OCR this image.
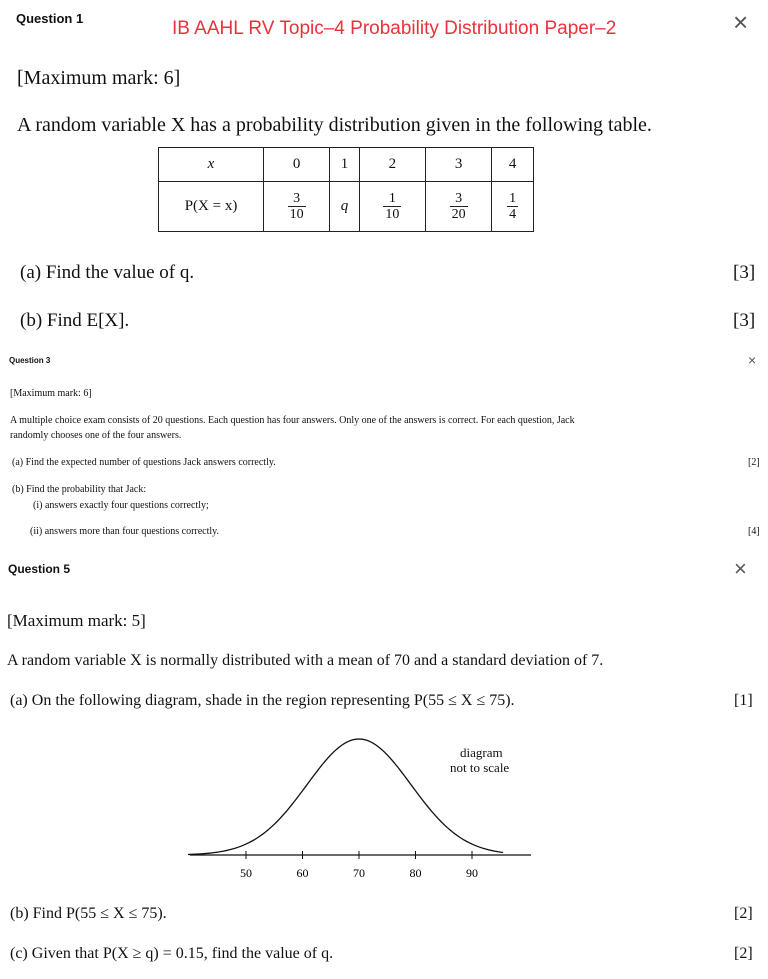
Question 1	IB AAHL RV Topic–4 Probability Distribution Paper–2	×
[Maximum mark: 6]
A random variable X has a probability distribution given in the following table.
x	0	1	2	3	4
P(X = x)	$\frac{3}{10}$	q	$\frac{1}{10}$	$\frac{3}{20}$	$\frac{1}{4}$
(a) Find the value of q.	[3]
(b) Find E[X].	[3]
Question 3	×
[Maximum mark: 6]
A multiple choice exam consists of 20 questions. Each question has four answers. Only one of the answers is correct. For each question, Jack
randomly chooses one of the four answers.
(a) Find the expected number of questions Jack answers correctly.	[2]
(b) Find the probability that Jack:
(i) answers exactly four questions correctly;
(ii) answers more than four questions correctly.	[4]
Question 5	×
[Maximum mark: 5]
A random variable X is normally distributed with a mean of 70 and a standard deviation of 7.
(a) On the following diagram, shade in the region representing P(55 ≤ X ≤ 75).	[1]
50	60	70	80	90
diagram
not to scale
(b) Find P(55 ≤ X ≤ 75).	[2]
(c) Given that P(X ≥ q) = 0.15, find the value of q.	[2]
